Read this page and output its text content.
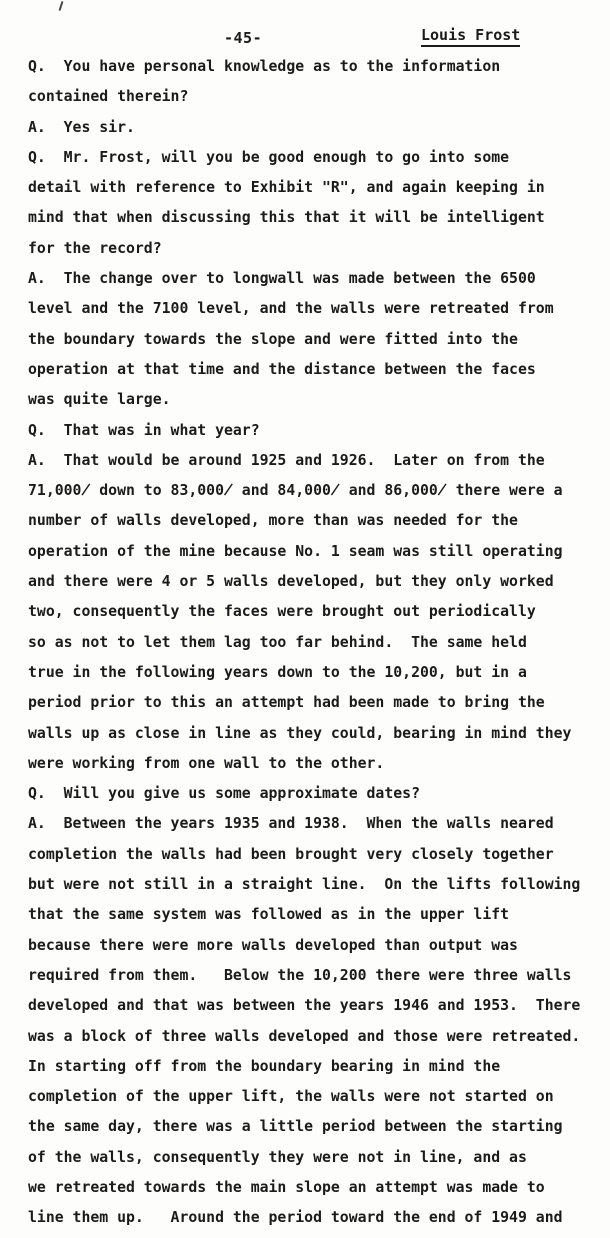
-45-	Louis Frost
Q.  You have personal knowledge as to the information
contained therein?
A.  Yes sir.
Q.  Mr. Frost, will you be good enough to go into some
detail with reference to Exhibit "R", and again keeping in
mind that when discussing this that it will be intelligent
for the record?
A.  The change over to longwall was made between the 6500
level and the 7100 level, and the walls were retreated from
the boundary towards the slope and were fitted into the
operation at that time and the distance between the faces
was quite large.
Q.  That was in what year?
A.  That would be around 1925 and 1926.  Later on from the
71,000̸ down to 83,000̸ and 84,000̸ and 86,000̸ there were a
number of walls developed, more than was needed for the
operation of the mine because No. 1 seam was still operating
and there were 4 or 5 walls developed, but they only worked
two, consequently the faces were brought out periodically
so as not to let them lag too far behind.  The same held
true in the following years down to the 10,200, but in a
period prior to this an attempt had been made to bring the
walls up as close in line as they could, bearing in mind they
were working from one wall to the other.
Q.  Will you give us some approximate dates?
A.  Between the years 1935 and 1938.  When the walls neared
completion the walls had been brought very closely together
but were not still in a straight line.  On the lifts following
that the same system was followed as in the upper lift
because there were more walls developed than output was
required from them.   Below the 10,200 there were three walls
developed and that was between the years 1946 and 1953.  There
was a block of three walls developed and those were retreated.
In starting off from the boundary bearing in mind the
completion of the upper lift, the walls were not started on
the same day, there was a little period between the starting
of the walls, consequently they were not in line, and as
we retreated towards the main slope an attempt was made to
line them up.   Around the period toward the end of 1949 and
